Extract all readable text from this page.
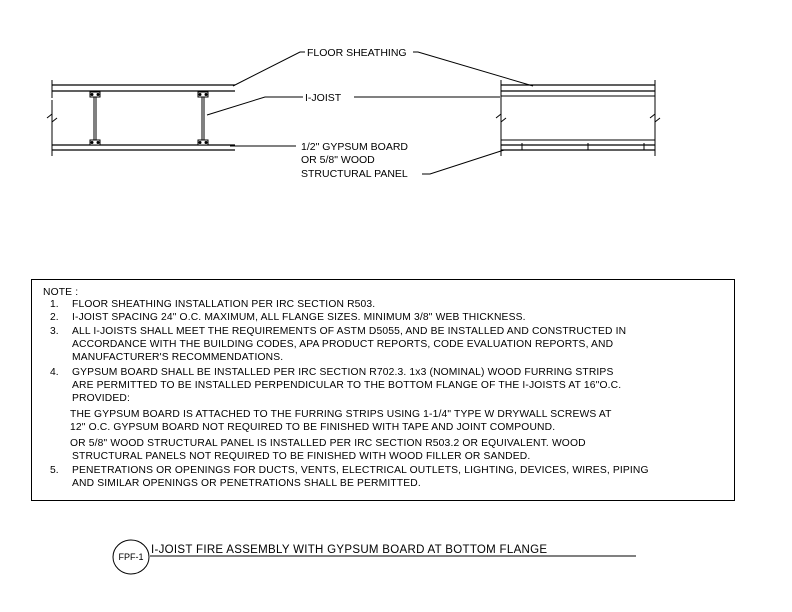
FLOOR SHEATHING
I-JOIST
1/2" GYPSUM BOARD
OR 5/8" WOOD
STRUCTURAL PANEL
FPF-1
I-JOIST FIRE ASSEMBLY WITH GYPSUM BOARD AT BOTTOM FLANGE
NOTE :
1. FLOOR SHEATHING INSTALLATION PER IRC SECTION R503.
2. I-JOIST SPACING 24" O.C. MAXIMUM, ALL FLANGE SIZES. MINIMUM 3/8" WEB THICKNESS.
3. ALL I-JOISTS SHALL MEET THE REQUIREMENTS OF ASTM D5055, AND BE INSTALLED AND CONSTRUCTED IN
ACCORDANCE WITH THE BUILDING CODES, APA PRODUCT REPORTS, CODE EVALUATION REPORTS, AND
MANUFACTURER'S RECOMMENDATIONS.
4. GYPSUM BOARD SHALL BE INSTALLED PER IRC SECTION R702.3. 1x3 (NOMINAL) WOOD FURRING STRIPS
ARE PERMITTED TO BE INSTALLED PERPENDICULAR TO THE BOTTOM FLANGE OF THE I-JOISTS AT 16"O.C.
PROVIDED:
THE GYPSUM BOARD IS ATTACHED TO THE FURRING STRIPS USING 1-1/4" TYPE W DRYWALL SCREWS AT
12" O.C. GYPSUM BOARD NOT REQUIRED TO BE FINISHED WITH TAPE AND JOINT COMPOUND.
OR 5/8" WOOD STRUCTURAL PANEL IS INSTALLED PER IRC SECTION R503.2 OR EQUIVALENT. WOOD
STRUCTURAL PANELS NOT REQUIRED TO BE FINISHED WITH WOOD FILLER OR SANDED.
5. PENETRATIONS OR OPENINGS FOR DUCTS, VENTS, ELECTRICAL OUTLETS, LIGHTING, DEVICES, WIRES, PIPING
AND SIMILAR OPENINGS OR PENETRATIONS SHALL BE PERMITTED.
